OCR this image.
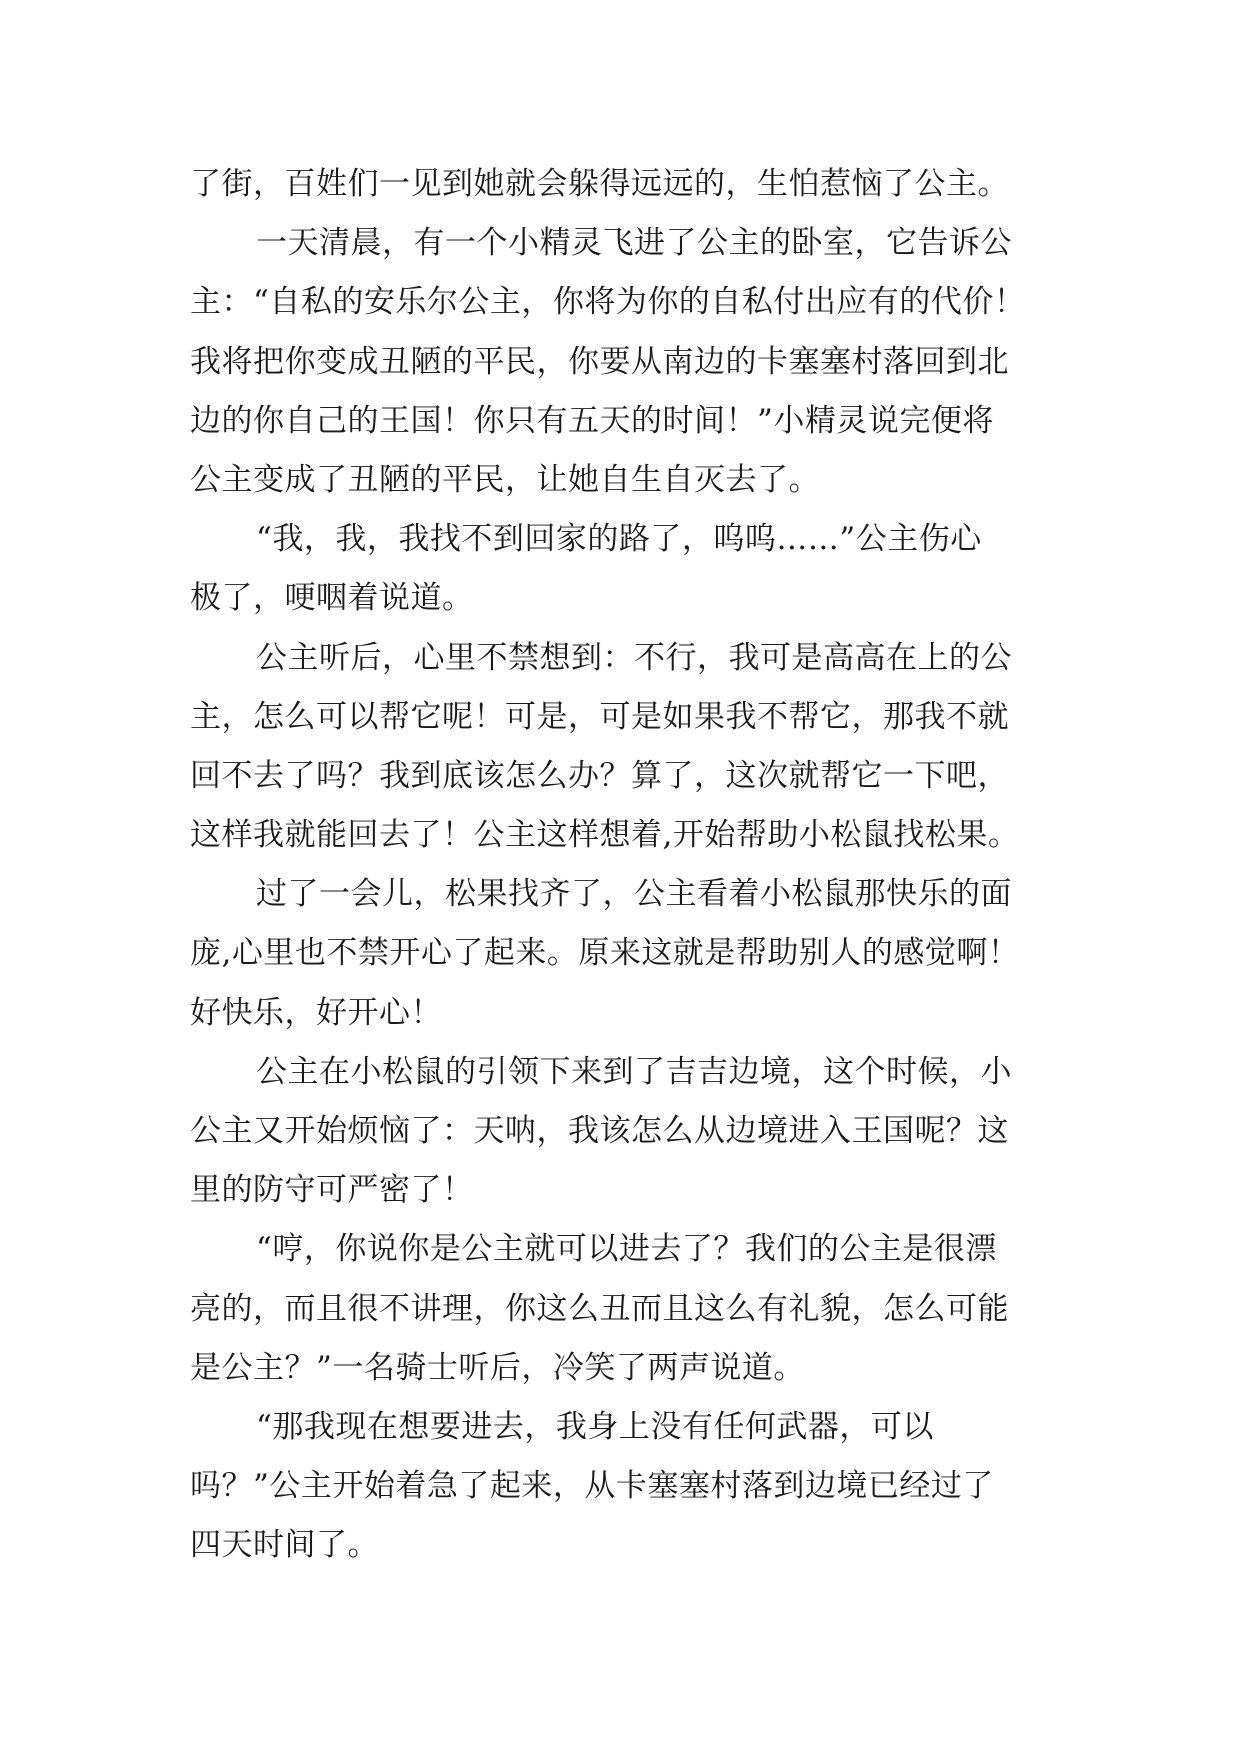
了街，百姓们一见到她就会躲得远远的，生怕惹恼了公主。
一天清晨，有一个小精灵飞进了公主的卧室，它告诉公
主：“自私的安乐尔公主，你将为你的自私付出应有的代价！
我将把你变成丑陋的平民，你要从南边的卡塞塞村落回到北
边的你自己的王国！你只有五天的时间！”小精灵说完便将
公主变成了丑陋的平民，让她自生自灭去了。
“我，我，我找不到回家的路了，呜呜……”公主伤心
极了，哽咽着说道。
公主听后，心里不禁想到：不行，我可是高高在上的公
主，怎么可以帮它呢！可是，可是如果我不帮它，那我不就
回不去了吗？我到底该怎么办？算了，这次就帮它一下吧，
这样我就能回去了！公主这样想着,开始帮助小松鼠找松果。
过了一会儿，松果找齐了，公主看着小松鼠那快乐的面
庞,心里也不禁开心了起来。原来这就是帮助别人的感觉啊！
好快乐，好开心！
公主在小松鼠的引领下来到了吉吉边境，这个时候，小
公主又开始烦恼了：天呐，我该怎么从边境进入王国呢？这
里的防守可严密了！
“哼，你说你是公主就可以进去了？我们的公主是很漂
亮的，而且很不讲理，你这么丑而且这么有礼貌，怎么可能
是公主？”一名骑士听后，冷笑了两声说道。
“那我现在想要进去，我身上没有任何武器，可以
吗？”公主开始着急了起来，从卡塞塞村落到边境已经过了
四天时间了。
